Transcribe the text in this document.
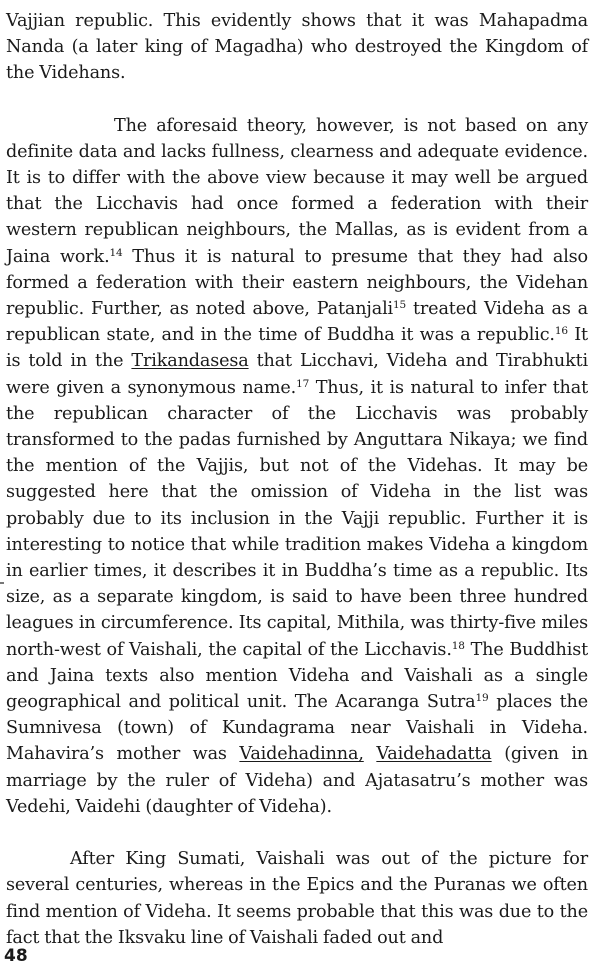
Vajjian republic. This evidently shows that it was Mahapadma Nanda (a later king of Magadha) who destroyed the Kingdom of the Videhans.

The aforesaid theory, however, is not based on any definite data and lacks fullness, clearness and adequate evidence. It is to differ with the above view because it may well be argued that the Licchavis had once formed a federation with their western republican neighbours, the Mallas, as is evident from a Jaina work.$^{14}$ Thus it is natural to presume that they had also formed a federation with their eastern neighbours, the Videhan republic. Further, as noted above, Patanjali$^{15}$ treated Videha as a republican state, and in the time of Buddha it was a republic.$^{16}$ It is told in the Trikandasesa that Licchavi, Videha and Tirabhukti were given a synonymous name.$^{17}$ Thus, it is natural to infer that the republican character of the Licchavis was probably transformed to the padas furnished by Anguttara Nikaya; we find the mention of the Vajjis, but not of the Videhas. It may be suggested here that the omission of Videha in the list was probably due to its inclusion in the Vajji republic. Further it is interesting to notice that while tradition makes Videha a kingdom in earlier times, it describes it in Buddha’s time as a republic. Its size, as a separate kingdom, is said to have been three hundred leagues in circumference. Its capital, Mithila, was thirty-five miles north-west of Vaishali, the capital of the Licchavis.$^{18}$ The Buddhist and Jaina texts also mention Videha and Vaishali as a single geographical and political unit. The Acaranga Sutra$^{19}$ places the Sumnivesa (town) of Kundagrama near Vaishali in Videha. Mahavira’s mother was Vaidehadinna, Vaidehadatta (given in marriage by the ruler of Videha) and Ajatasatru’s mother was Vedehi, Vaidehi (daughter of Videha).

After King Sumati, Vaishali was out of the picture for several centuries, whereas in the Epics and the Puranas we often find mention of Videha. It seems probable that this was due to the fact that the Iksvaku line of Vaishali faded out and

48
